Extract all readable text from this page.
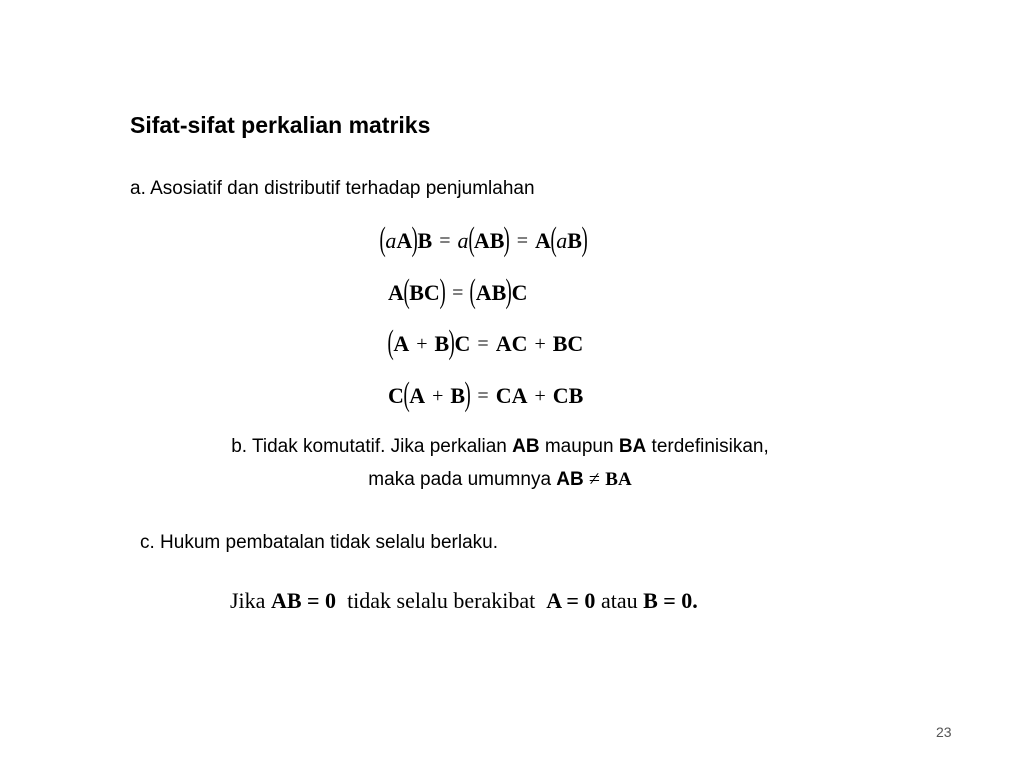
Sifat-sifat perkalian matriks
a. Asosiatif dan distributif terhadap penjumlahan
( a A ) B = a ( AB ) = A ( a B )
A ( BC ) = ( AB ) C
( A + B ) C = AC + BC
C ( A + B ) = CA + CB
b. Tidak komutatif. Jika perkalian AB maupun BA terdefinisikan,
maka pada umumnya AB ≠ BA
c. Hukum pembatalan tidak selalu berlaku.
Jika AB = 0 tidak selalu berakibat A = 0 atau B = 0.
23
